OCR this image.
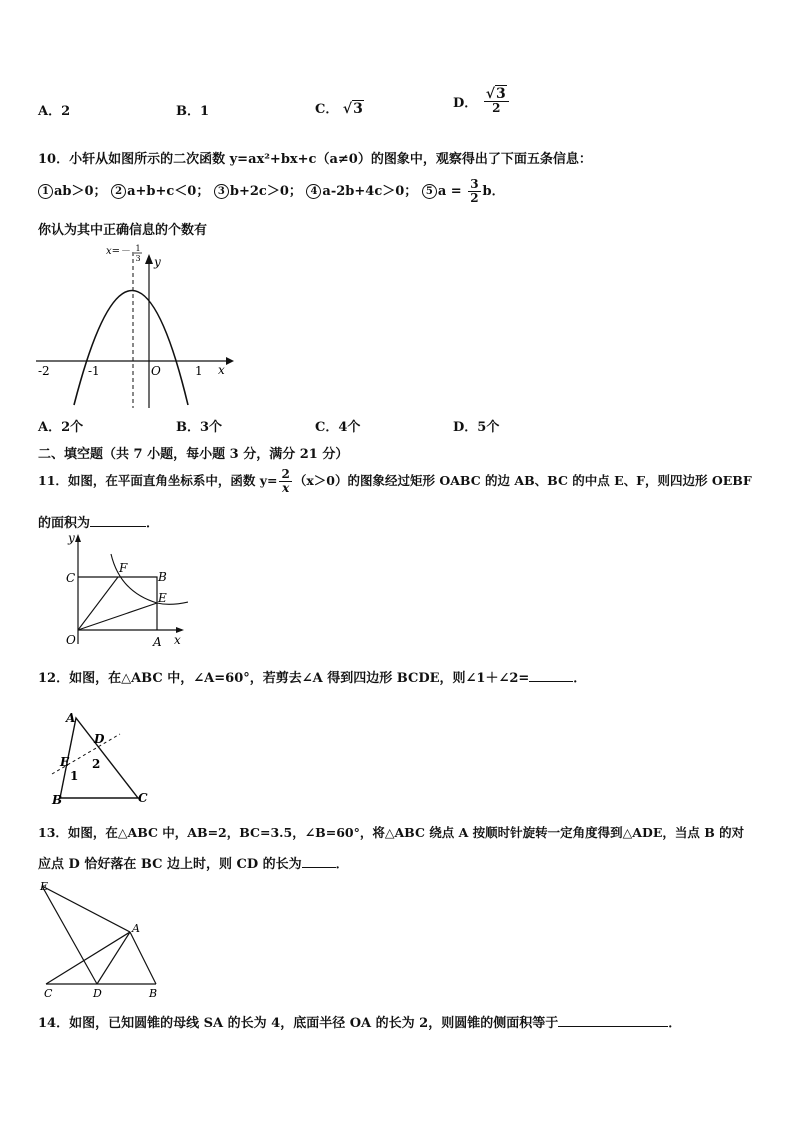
A．2	B．1	C． √3	D． $\frac{√3}{2}$
10．小轩从如图所示的二次函数 y=ax²+bx+c（a≠0）的图象中，观察得出了下面五条信息：
1 ab＞0； 2 a+b+c＜0； 3 b+2c＞0； 4 a-2b+4c＞0； 5 $a = \frac{3}{2}$ b．
你认为其中正确信息的个数有
x=－ 1
3 y
x
-2	-1	O	1
A．2个	B．3个	C．4个	D．5个
二、填空题（共 7 小题，每小题 3 分，满分 21 分）
11．如图，在平面直角坐标系中，函数 $y= \frac{2}{x} (x>0)$的图象经过矩形 OABC 的边 AB、BC 的中点 E、F，则四边形 OEBF
的面积为	．
y
x
C
F
B
E
O	A
12．如图，在△ABC 中，∠A=60°，若剪去∠A 得到四边形 BCDE，则∠1＋∠2=	．
A
D
E 2
1
B	C
13．如图，在△ABC 中，AB=2，BC=3.5，∠B=60°，将△ABC 绕点 A 按顺时针旋转一定角度得到△ADE，当点 B 的对
应点 D 恰好落在 BC 边上时，则 CD 的长为	．
E
A
C	D	B
14．如图，已知圆锥的母线 SA 的长为 4，底面半径 OA 的长为 2，则圆锥的侧面积等于	．
